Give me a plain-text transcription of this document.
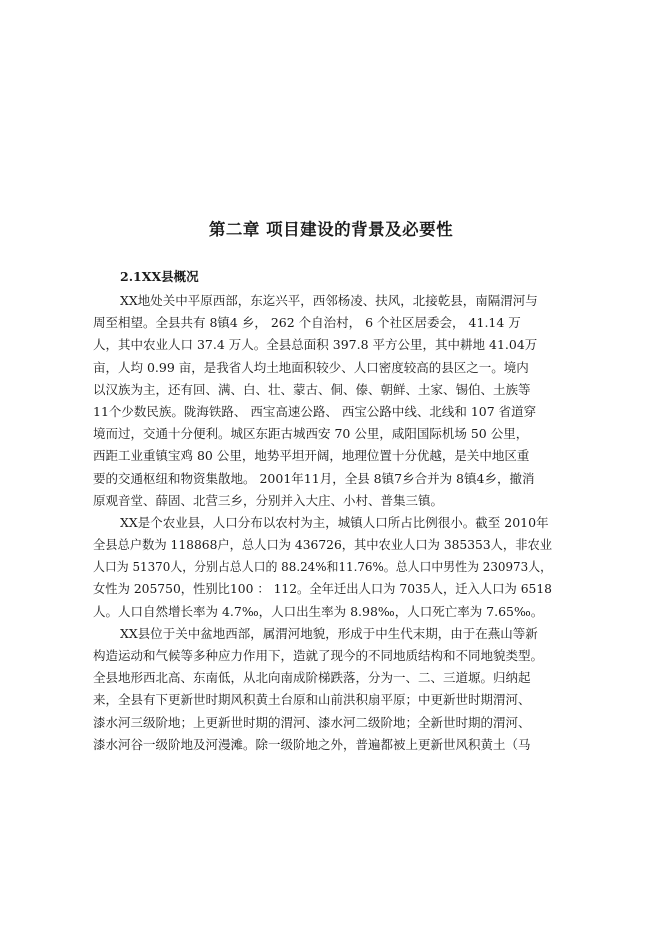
第二章 项目建设的背景及必要性
2.1XX县概况
XX地处关中平原西部，东迄兴平，西邻杨凌、扶风，北接乾县，南隔渭河与
周至相望。全县共有 8镇4 乡， 262 个自治村， 6 个社区居委会， 41.14 万
人，其中农业人口 37.4 万人。全县总面积 397.8 平方公里，其中耕地 41.04万
亩，人均 0.99 亩，是我省人均土地面积较少、人口密度较高的县区之一。境内
以汉族为主，还有回、满、白、壮、蒙古、侗、傣、朝鲜、土家、锡伯、土族等
11个少数民族。陇海铁路、 西宝高速公路、 西宝公路中线、北线和 107 省道穿
境而过，交通十分便利。城区东距古城西安 70 公里，咸阳国际机场 50 公里，
西距工业重镇宝鸡 80 公里，地势平坦开阔，地理位置十分优越，是关中地区重
要的交通枢纽和物资集散地。 2001年11月，全县 8镇7乡合并为 8镇4乡，撤消
原观音堂、薛固、北营三乡，分别并入大庄、小村、普集三镇。
XX是个农业县，人口分布以农村为主，城镇人口所占比例很小。截至 2010年
全县总户数为 118868户，总人口为 436726，其中农业人口为 385353人，非农业
人口为 51370人，分别占总人口的 88.24%和11.76%。总人口中男性为 230973人，
女性为 205750，性别比100 ： 112。全年迁出人口为 7035人，迁入人口为 6518
人。人口自然增长率为 4.7‰，人口出生率为 8.98‰，人口死亡率为 7.65‰。
XX县位于关中盆地西部，属渭河地貌，形成于中生代末期，由于在燕山等新
构造运动和气候等多种应力作用下，造就了现今的不同地质结构和不同地貌类型。
全县地形西北高、东南低，从北向南成阶梯跌落，分为一、二、三道塬。归纳起
来，全县有下更新世时期风积黄土台原和山前洪积扇平原；中更新世时期渭河、
漆水河三级阶地；上更新世时期的渭河、漆水河二级阶地；全新世时期的渭河、
漆水河谷一级阶地及河漫滩。除一级阶地之外，普遍都被上更新世风积黄土（马
